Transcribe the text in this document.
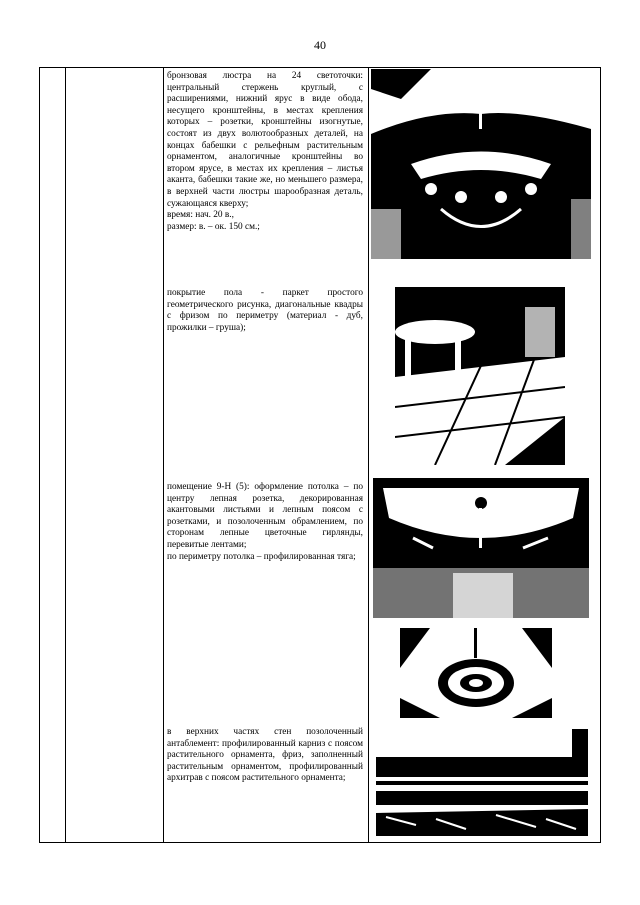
40

бронзовая люстра на 24 светоточки: центральный стержень круглый, с расширениями, нижний ярус в виде обода, несущего кронштейны, в местах крепления которых – розетки, кронштейны изогнутые, состоят из двух волютообразных деталей, на концах бабешки с рельефным растительным орнаментом, аналогичные кронштейны во втором ярусе, в местах их крепления – листья аканта, бабешки такие же, но меньшего размера, в верхней части люстры шарообразная деталь, сужающаяся кверху;

время: нач. 20 в.,

размер: в. – ок. 150 см.;

покрытие пола - паркет простого геометрического рисунка, диагональные квадры с фризом по периметру (материал - дуб, прожилки – груша);

помещение 9-Н (5): оформление потолка – по центру лепная розетка, декорированная акантовыми листьями и лепным поясом с розетками, и позолоченным обрамлением, по сторонам лепные цветочные гирлянды, перевитые лентами;

по периметру потолка – профилированная тяга;

в верхних частях стен позолоченный антаблемент: профилированный карниз с поясом растительного орнамента, фриз, заполненный растительным орнаментом, профилированный архитрав с поясом растительного орнамента;
